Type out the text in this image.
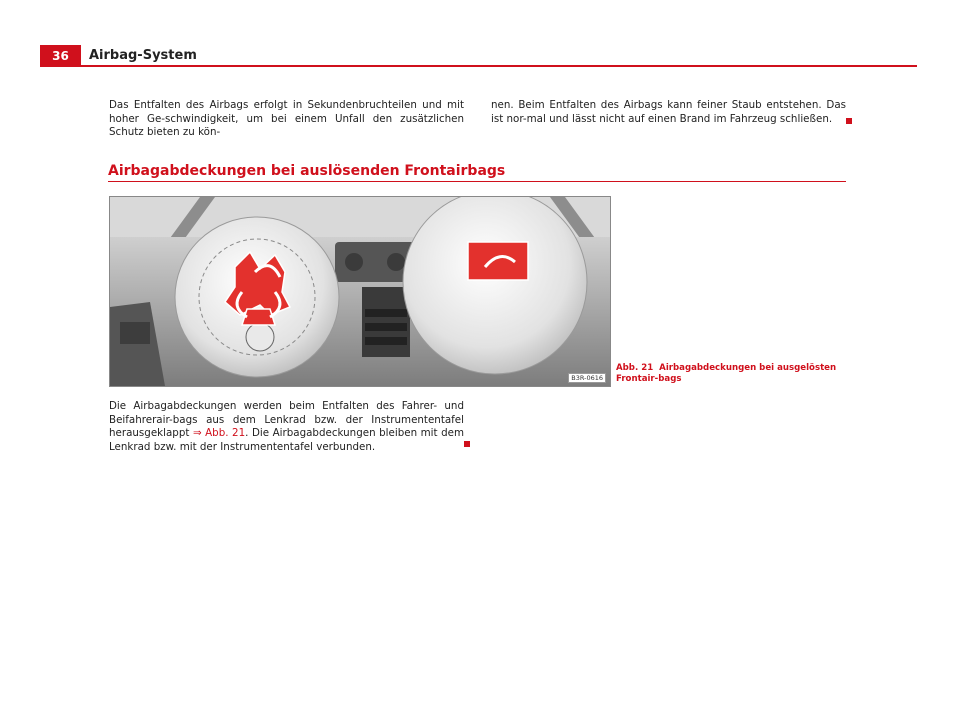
36	Airbag-System
Das Entfalten des Airbags erfolgt in Sekundenbruchteilen und mit hoher Ge-schwindigkeit, um bei einem Unfall den zusätzlichen Schutz bieten zu kön-
nen. Beim Entfalten des Airbags kann feiner Staub entstehen. Das ist nor-mal und lässt nicht auf einen Brand im Fahrzeug schließen.
Airbagabdeckungen bei auslösenden Frontairbags
B3R-0616
Abb. 21 Airbagabdeckungen bei ausgelösten Frontair-bags
Die Airbagabdeckungen werden beim Entfalten des Fahrer- und Beifahrerair-bags aus dem Lenkrad bzw. der Instrumententafel herausgeklappt ⇒ Abb. 21. Die Airbagabdeckungen bleiben mit dem Lenkrad bzw. mit der Instrumententafel verbunden.
